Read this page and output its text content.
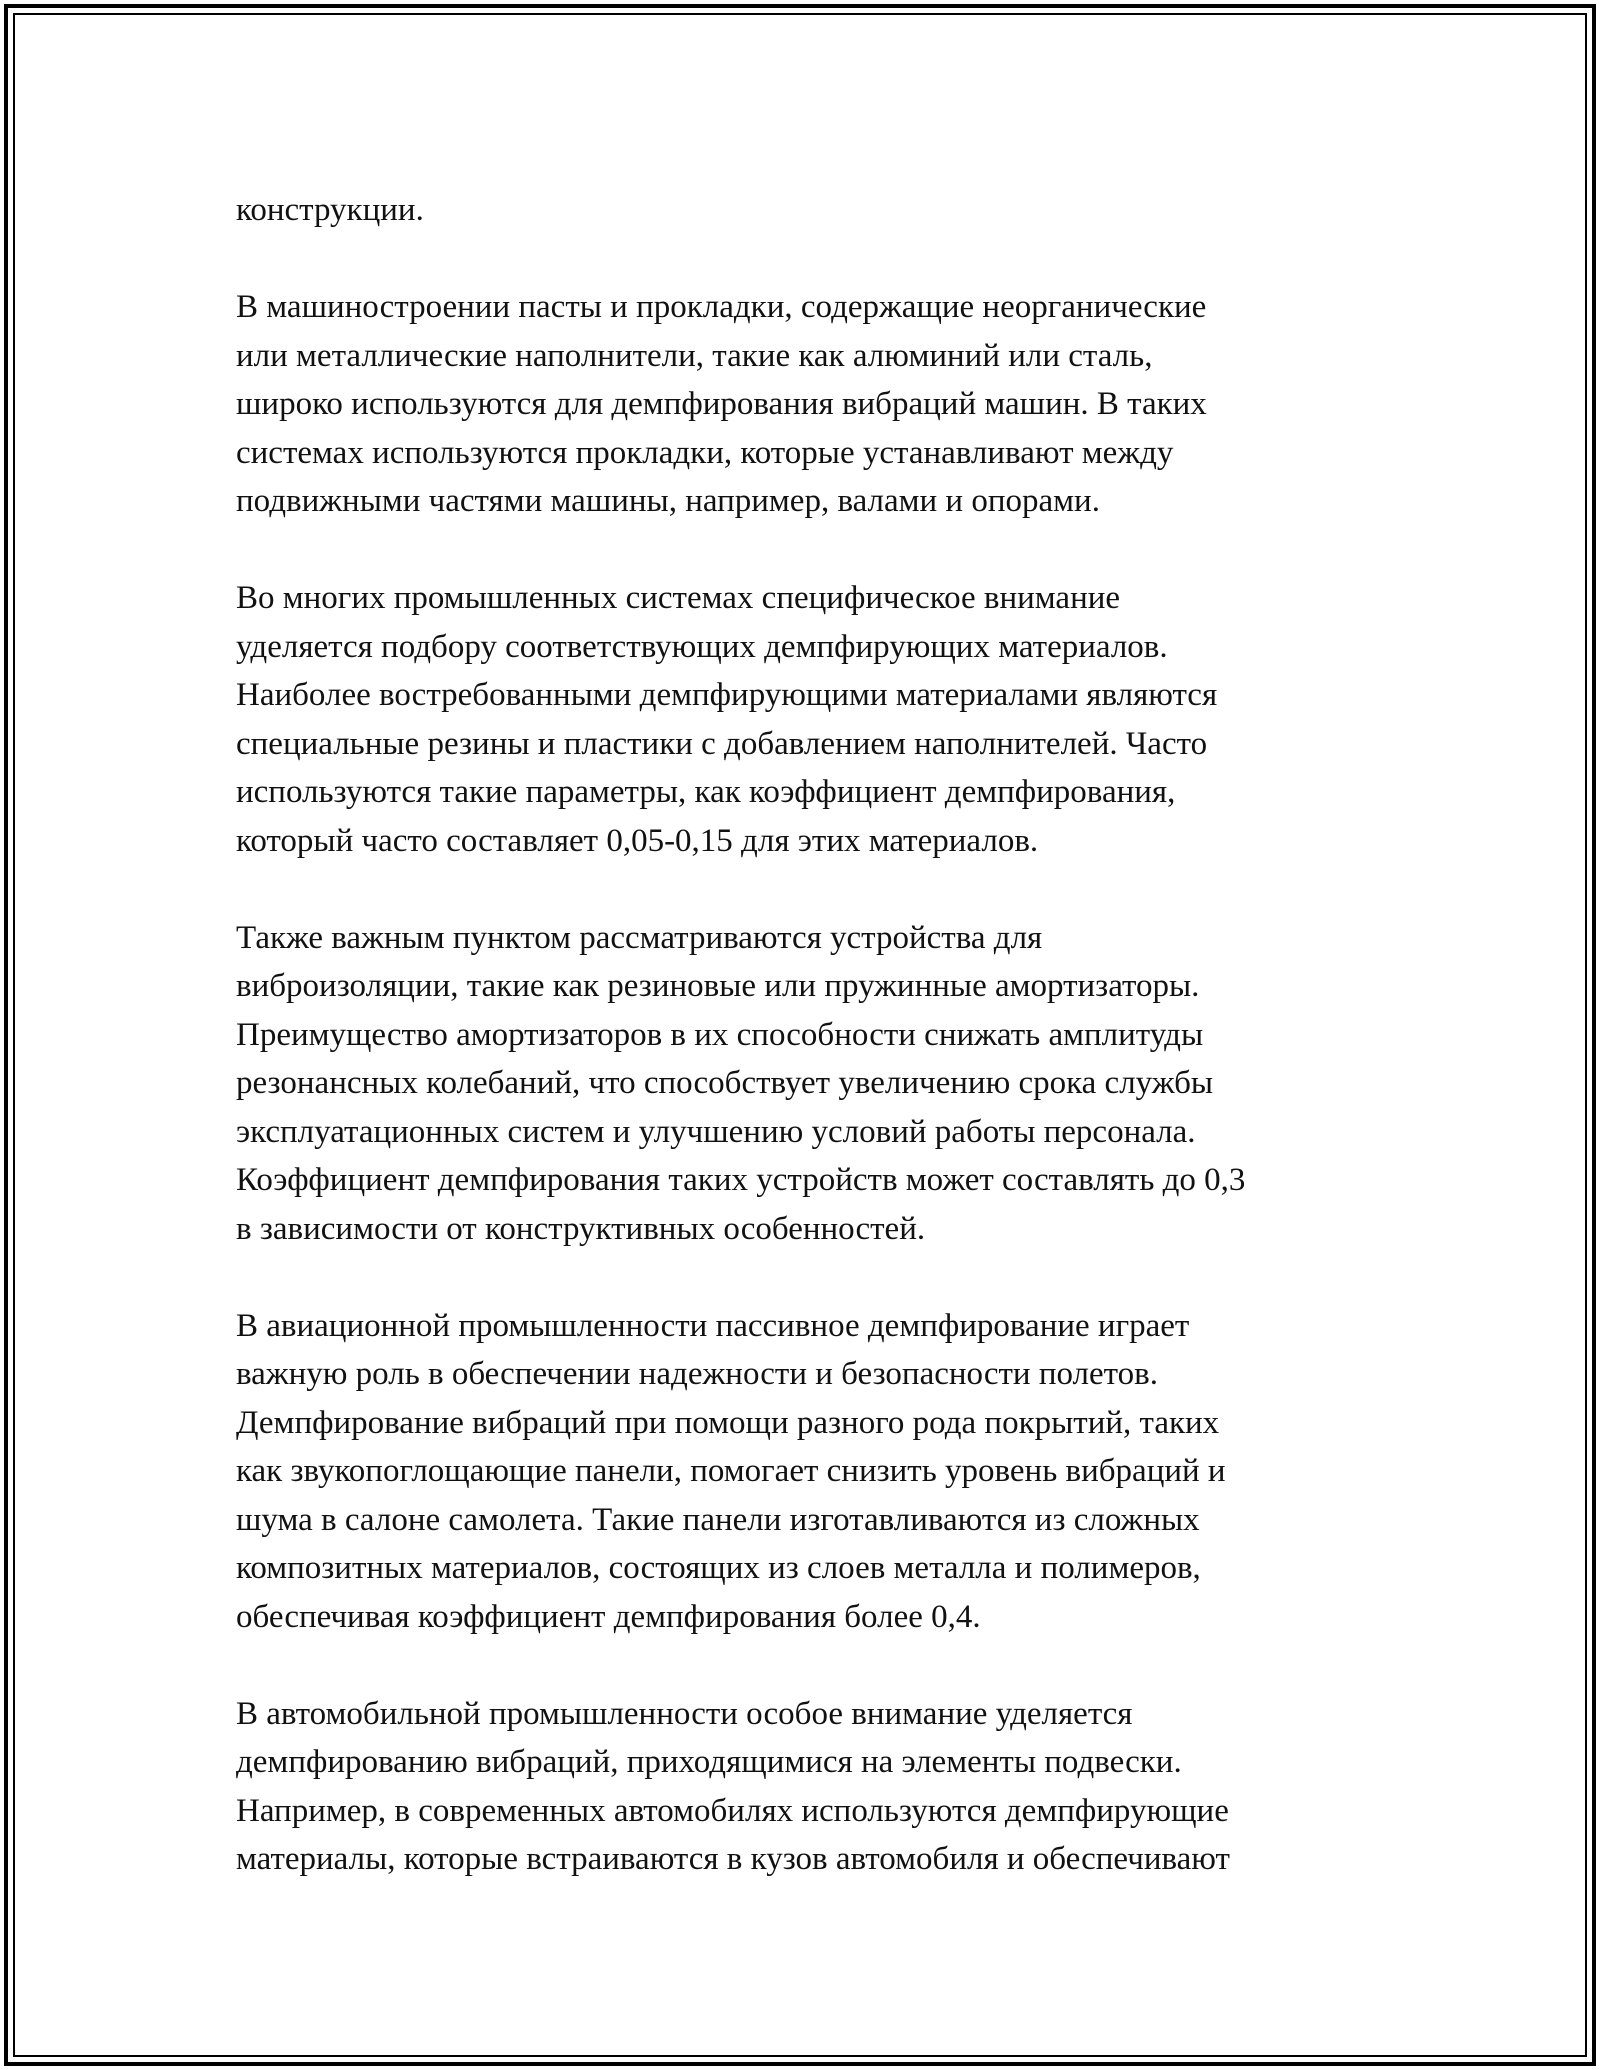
конструкции.

В машиностроении пасты и прокладки, содержащие неорганические
или металлические наполнители, такие как алюминий или сталь,
широко используются для демпфирования вибраций машин. В таких
системах используются прокладки, которые устанавливают между
подвижными частями машины, например, валами и опорами.

Во многих промышленных системах специфическое внимание
уделяется подбору соответствующих демпфирующих материалов.
Наиболее востребованными демпфирующими материалами являются
специальные резины и пластики с добавлением наполнителей. Часто
используются такие параметры, как коэффициент демпфирования,
который часто составляет 0,05-0,15 для этих материалов.

Также важным пунктом рассматриваются устройства для
виброизоляции, такие как резиновые или пружинные амортизаторы.
Преимущество амортизаторов в их способности снижать амплитуды
резонансных колебаний, что способствует увеличению срока службы
эксплуатационных систем и улучшению условий работы персонала.
Коэффициент демпфирования таких устройств может составлять до 0,3
в зависимости от конструктивных особенностей.

В авиационной промышленности пассивное демпфирование играет
важную роль в обеспечении надежности и безопасности полетов.
Демпфирование вибраций при помощи разного рода покрытий, таких
как звукопоглощающие панели, помогает снизить уровень вибраций и
шума в салоне самолета. Такие панели изготавливаются из сложных
композитных материалов, состоящих из слоев металла и полимеров,
обеспечивая коэффициент демпфирования более 0,4.

В автомобильной промышленности особое внимание уделяется
демпфированию вибраций, приходящимися на элементы подвески.
Например, в современных автомобилях используются демпфирующие
материалы, которые встраиваются в кузов автомобиля и обеспечивают
